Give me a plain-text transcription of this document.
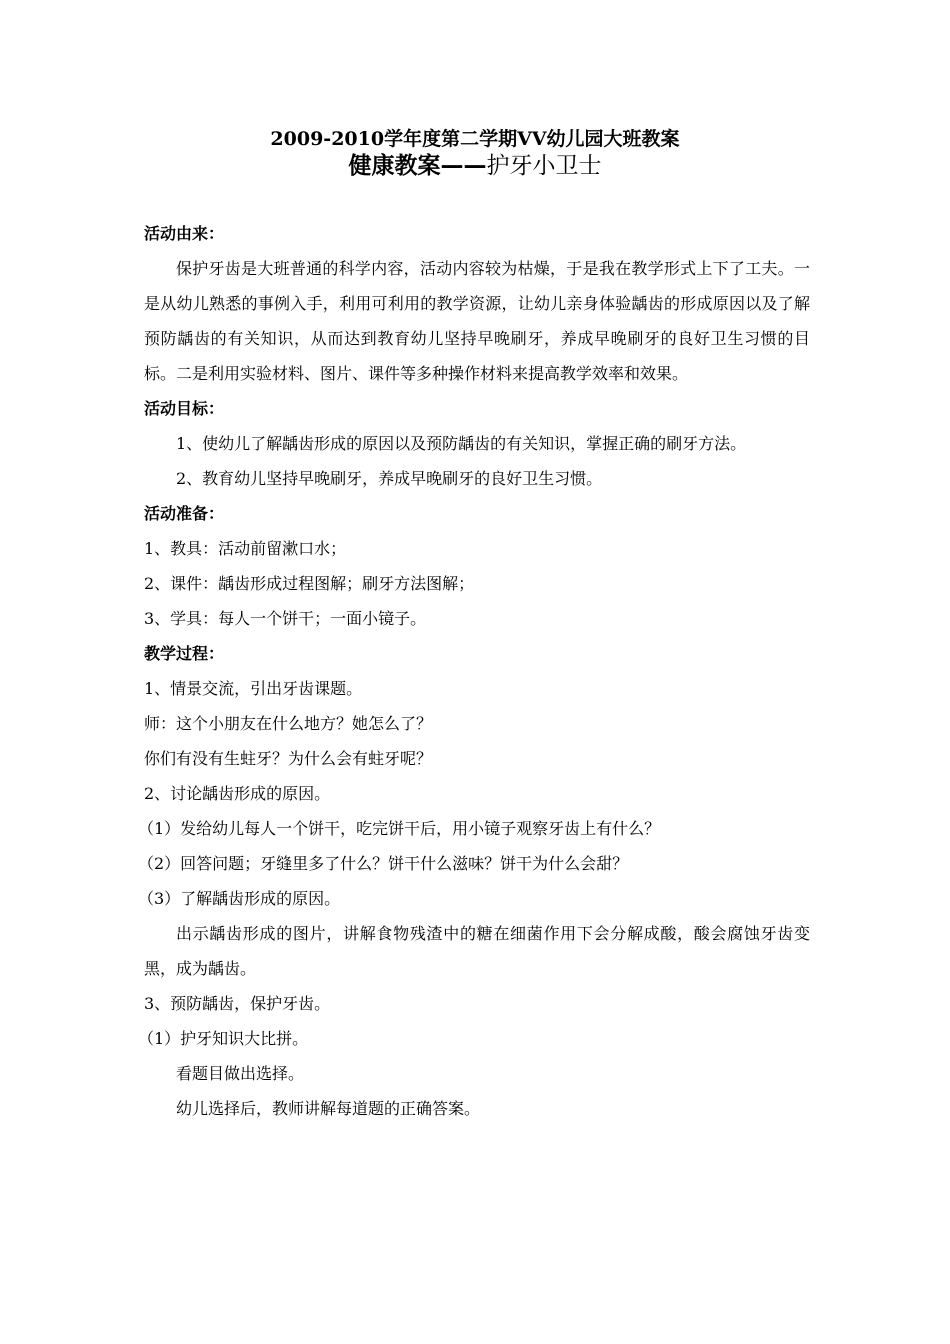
2009-2010学年度第二学期VV幼儿园大班教案
健康教案——护牙小卫士
活动由来：
保护牙齿是大班普通的科学内容，活动内容较为枯燥，于是我在教学形式上下了工夫。一是从幼儿熟悉的事例入手，利用可利用的教学资源，让幼儿亲身体验龋齿的形成原因以及了解预防龋齿的有关知识，从而达到教育幼儿坚持早晚刷牙，养成早晚刷牙的良好卫生习惯的目标。二是利用实验材料、图片、课件等多种操作材料来提高教学效率和效果。
活动目标：
1、使幼儿了解龋齿形成的原因以及预防龋齿的有关知识，掌握正确的刷牙方法。
2、教育幼儿坚持早晚刷牙，养成早晚刷牙的良好卫生习惯。
活动准备：
1、教具：活动前留漱口水；
2、课件：龋齿形成过程图解；刷牙方法图解；
3、学具：每人一个饼干；一面小镜子。
教学过程：
1、情景交流，引出牙齿课题。
师：这个小朋友在什么地方？她怎么了？
你们有没有生蛀牙？为什么会有蛀牙呢？
2、讨论龋齿形成的原因。
（1）发给幼儿每人一个饼干，吃完饼干后，用小镜子观察牙齿上有什么？
（2）回答问题；牙缝里多了什么？饼干什么滋味？饼干为什么会甜？
（3）了解龋齿形成的原因。
出示龋齿形成的图片，讲解食物残渣中的糖在细菌作用下会分解成酸，酸会腐蚀牙齿变黑，成为龋齿。
3、预防龋齿，保护牙齿。
（1）护牙知识大比拼。
看题目做出选择。
幼儿选择后，教师讲解每道题的正确答案。
